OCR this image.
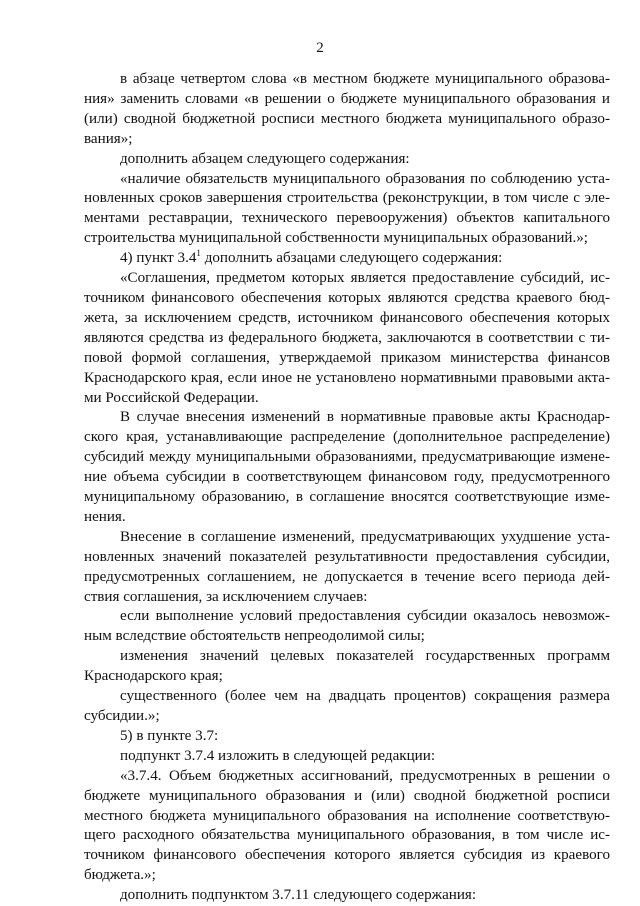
2
в абзаце четвертом слова «в местном бюджете муниципального образова-
ния» заменить словами «в решении о бюджете муниципального образования и
(или) сводной бюджетной росписи местного бюджета муниципального образо-
вания»;
дополнить абзацем следующего содержания:
«наличие обязательств муниципального образования по соблюдению уста-
новленных сроков завершения строительства (реконструкции, в том числе с эле-
ментами реставрации, технического перевооружения) объектов капитального
строительства муниципальной собственности муниципальных образований.»;
4) пункт $3.4^1$ дополнить абзацами следующего содержания:
«Соглашения, предметом которых является предоставление субсидий, ис-
точником финансового обеспечения которых являются средства краевого бюд-
жета, за исключением средств, источником финансового обеспечения которых
являются средства из федерального бюджета, заключаются в соответствии с ти-
повой формой соглашения, утверждаемой приказом министерства финансов
Краснодарского края, если иное не установлено нормативными правовыми акта-
ми Российской Федерации.
В случае внесения изменений в нормативные правовые акты Краснодар-
ского края, устанавливающие распределение (дополнительное распределение)
субсидий между муниципальными образованиями, предусматривающие измене-
ние объема субсидии в соответствующем финансовом году, предусмотренного
муниципальному образованию, в соглашение вносятся соответствующие изме-
нения.
Внесение в соглашение изменений, предусматривающих ухудшение уста-
новленных значений показателей результативности предоставления субсидии,
предусмотренных соглашением, не допускается в течение всего периода дей-
ствия соглашения, за исключением случаев:
если выполнение условий предоставления субсидии оказалось невозмож-
ным вследствие обстоятельств непреодолимой силы;
изменения значений целевых показателей государственных программ
Краснодарского края;
существенного (более чем на двадцать процентов) сокращения размера
субсидии.»;
5) в пункте 3.7:
подпункт 3.7.4 изложить в следующей редакции:
«3.7.4. Объем бюджетных ассигнований, предусмотренных в решении о
бюджете муниципального образования и (или) сводной бюджетной росписи
местного бюджета муниципального образования на исполнение соответствую-
щего расходного обязательства муниципального образования, в том числе ис-
точником финансового обеспечения которого является субсидия из краевого
бюджета.»;
дополнить подпунктом 3.7.11 следующего содержания:
